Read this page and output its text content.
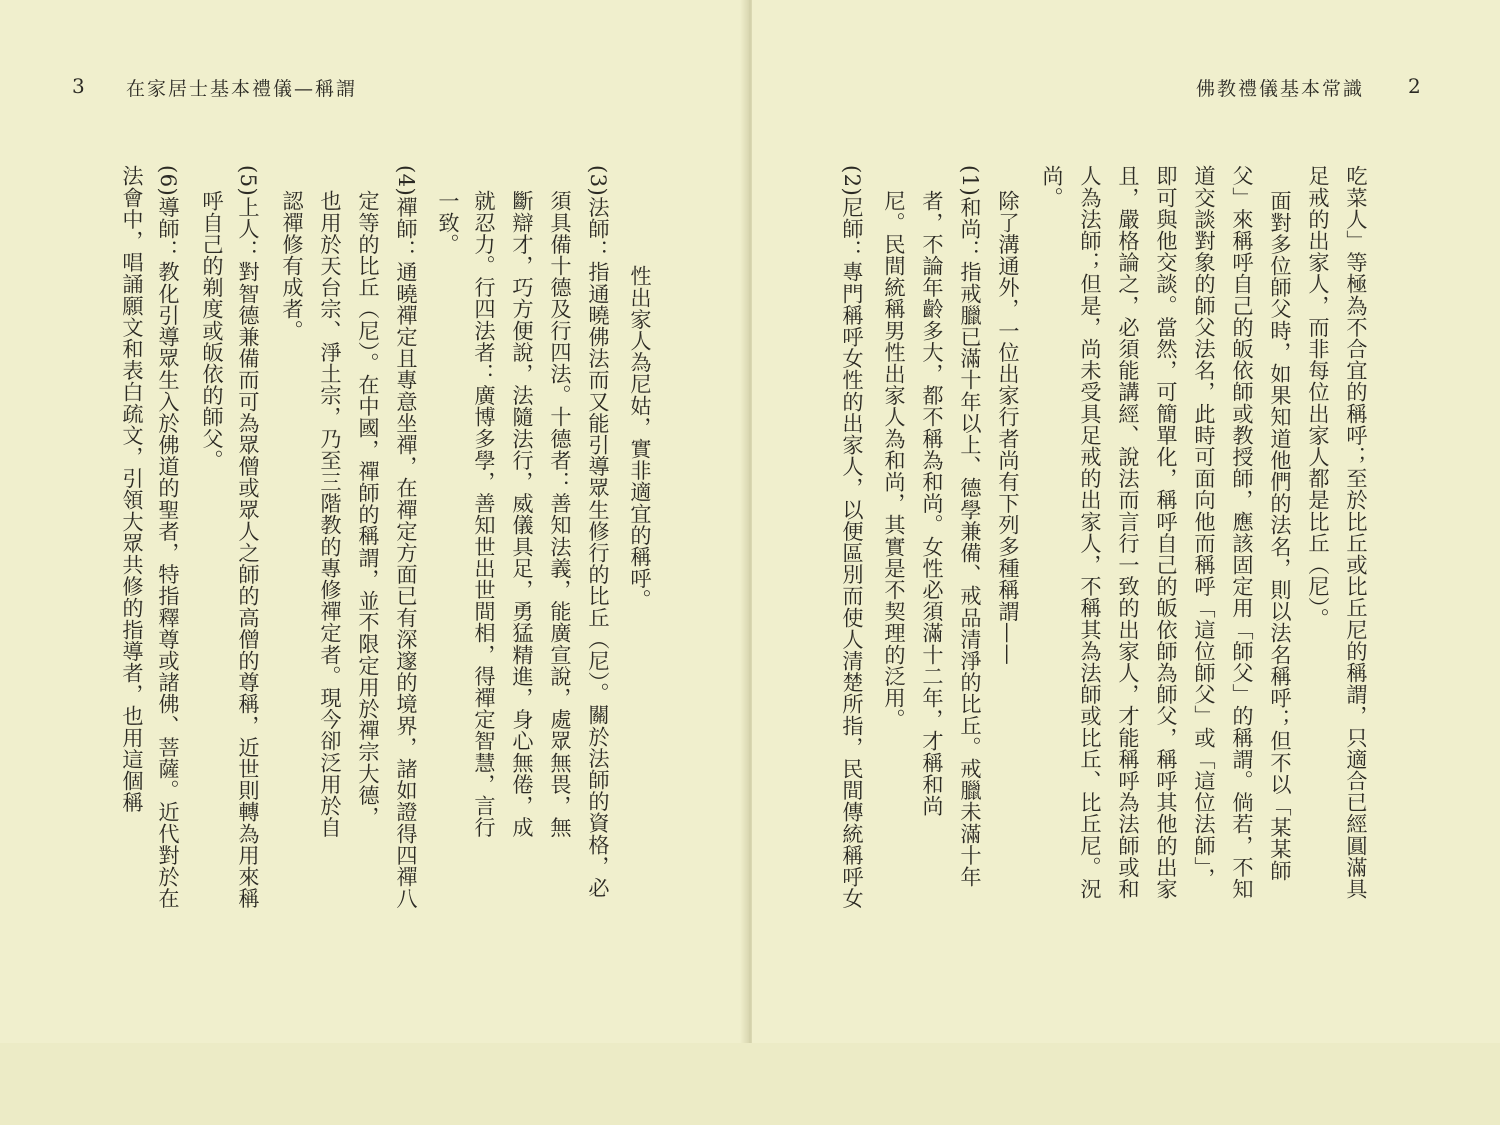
3 在家居士基本禮儀—稱謂
法會中，唱誦願文和表白疏文，引領大眾共修的指導者，也用這個稱 (6)導師：教化引導眾生入於佛道的聖者，特指釋尊或諸佛、菩薩。近代對於在 呼自己的剃度或皈依的師父。 (5)上人：對智德兼備而可為眾僧或眾人之師的高僧的尊稱，近世則轉為用來稱 認禪修有成者。 也用於天台宗、淨土宗，乃至三階教的專修禪定者。現今卻泛用於自 定等的比丘（尼）。在中國，禪師的稱謂，並不限定用於禪宗大德， (4)禪師：通曉禪定且專意坐禪，在禪定方面已有深邃的境界，諸如證得四禪八 一致。 就忍力。行四法者：廣博多學，善知世出世間相，得禪定智慧，言行 斷辯才，巧方便說，法隨法行，威儀具足，勇猛精進，身心無倦，成 須具備十德及行四法。十德者：善知法義，能廣宣說，處眾無畏，無 (3)法師：指通曉佛法而又能引導眾生修行的比丘（尼）。關於法師的資格，必 性出家人為尼姑，實非適宜的稱呼。
佛教禮儀基本常識 2
(2)尼師：專門稱呼女性的出家人，以便區別而使人清楚所指，民間傳統稱呼女 尼。民間統稱男性出家人為和尚，其實是不契理的泛用。 者，不論年齡多大，都不稱為和尚。女性必須滿十二年，才稱和尚 (1)和尚：指戒臘已滿十年以上、德學兼備、戒品清淨的比丘。戒臘未滿十年 除了溝通外，一位出家行者尚有下列多種稱謂——
尚。 人為法師；但是，尚未受具足戒的出家人，不稱其為法師或比丘、比丘尼。況 且，嚴格論之，必須能講經、說法而言行一致的出家人，才能稱呼為法師或和 即可與他交談。當然，可簡單化，稱呼自己的皈依師為師父，稱呼其他的出家 道交談對象的師父法名，此時可面向他而稱呼「這位師父」或「這位法師」， 父」來稱呼自己的皈依師或教授師，應該固定用「師父」的稱謂。倘若，不知 面對多位師父時，如果知道他們的法名，則以法名稱呼；但不以「某某師 足戒的出家人，而非每位出家人都是比丘（尼）。 吃菜人」等極為不合宜的稱呼；至於比丘或比丘尼的稱謂，只適合已經圓滿具
